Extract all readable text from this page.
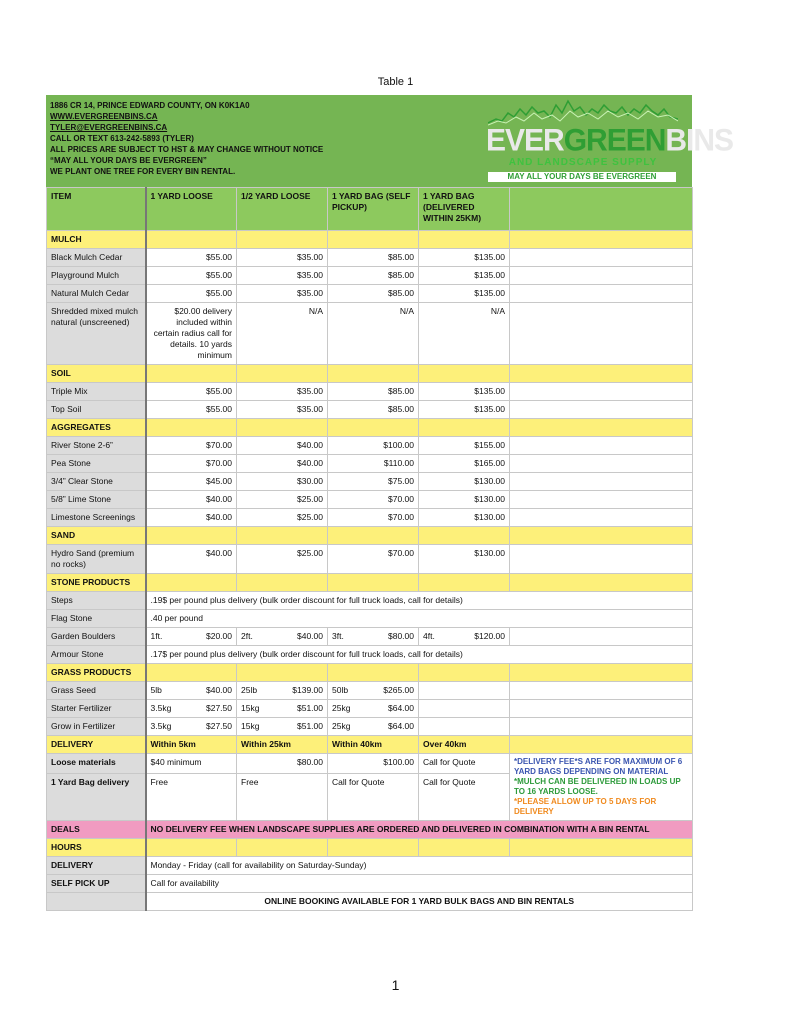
Table 1
1886 CR 14, PRINCE EDWARD COUNTY, ON K0K1A0
WWW.EVERGREENBINS.CA
TYLER@EVERGREENBINS.CA
CALL OR TEXT 613-242-5893 (TYLER)
ALL PRICES ARE SUBJECT TO HST & MAY CHANGE WITHOUT NOTICE
“MAY ALL YOUR DAYS BE EVERGREEN”
WE PLANT ONE TREE FOR EVERY BIN RENTAL.
EVERGREENBINS
AND LANDSCAPE SUPPLY
MAY ALL YOUR DAYS BE EVERGREEN
ITEM	1 YARD LOOSE	1/2 YARD LOOSE	1 YARD BAG (SELF PICKUP)	1 YARD BAG (DELIVERED WITHIN 25KM)	
MULCH					
Black Mulch Cedar	$55.00	$35.00	$85.00	$135.00	
Playground Mulch	$55.00	$35.00	$85.00	$135.00	
Natural Mulch Cedar	$55.00	$35.00	$85.00	$135.00	
Shredded mixed mulch natural (unscreened)	$20.00 delivery included within certain radius call for details. 10 yards minimum	N/A	N/A	N/A	
SOIL					
Triple Mix	$55.00	$35.00	$85.00	$135.00	
Top Soil	$55.00	$35.00	$85.00	$135.00	
AGGREGATES					
River Stone 2-6”	$70.00	$40.00	$100.00	$155.00	
Pea Stone	$70.00	$40.00	$110.00	$165.00	
3/4” Clear Stone	$45.00	$30.00	$75.00	$130.00	
5/8” Lime Stone	$40.00	$25.00	$70.00	$130.00	
Limestone Screenings	$40.00	$25.00	$70.00	$130.00	
SAND					
Hydro Sand (premium no rocks)	$40.00	$25.00	$70.00	$130.00	
STONE PRODUCTS					
Steps	.19$ per pound plus delivery (bulk order discount for full truck loads, call for details)				
Flag Stone	.40 per pound				
Garden Boulders	1ft. $20.00	2ft. $40.00	3ft. $80.00	4ft. $120.00	

Armour Stone	.17$ per pound plus delivery (bulk order discount for full truck loads, call for details)				
GRASS PRODUCTS					
Grass Seed	5lb $40.00	25lb $139.00	50lb $265.00		

Starter Fertilizer	3.5kg $27.50	15kg $51.00	25kg $64.00		

Grow in Fertilizer	3.5kg $27.50	15kg $51.00	25kg $64.00		

DELIVERY	Within 5km	Within 25km	Within 40km	Over 40km	
Loose materials	$40 minimum	$80.00	$100.00	Call for Quote	*DELIVERY FEE*S ARE FOR MAXIMUM OF 6 YARD BAGS DEPENDING ON MATERIAL
*MULCH CAN BE DELIVERED IN LOADS UP TO 16 YARDS LOOSE.
*PLEASE ALLOW UP TO 5 DAYS FOR DELIVERY

1 Yard Bag delivery	Free	Free	Call for Quote	Call for Quote	
DEALS	NO DELIVERY FEE WHEN LANDSCAPE SUPPLIES ARE ORDERED AND DELIVERED IN COMBINATION WITH A BIN RENTAL				
HOURS					
DELIVERY	Monday - Friday (call for availability on Saturday-Sunday)				
SELF PICK UP	Call for availability				
	ONLINE BOOKING AVAILABLE FOR 1 YARD BULK BAGS AND BIN RENTALS				
1
